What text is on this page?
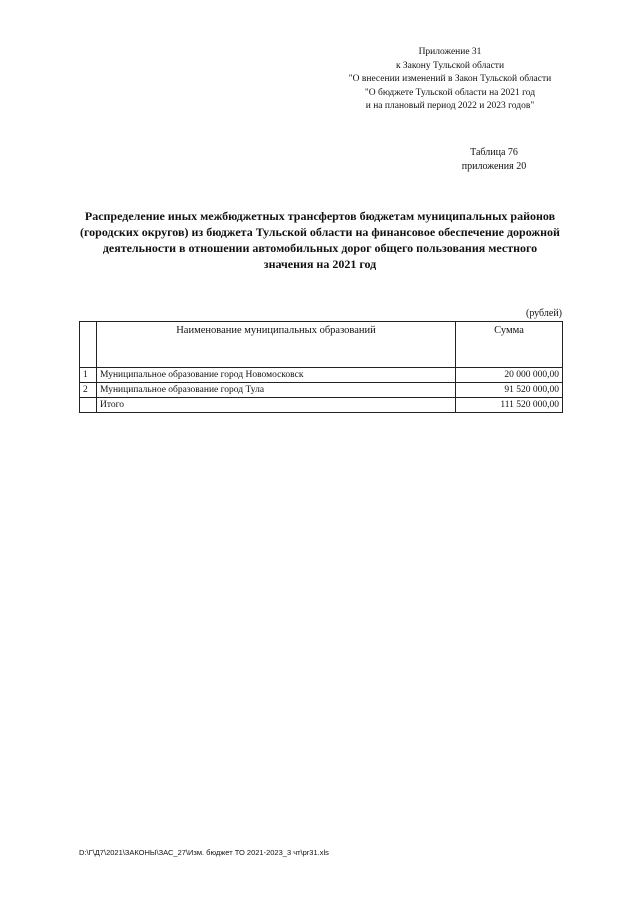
Приложение 31
к Закону Тульской области
"О внесении изменений в Закон Тульской области
"О бюджете Тульской области на 2021 год
и на плановый период 2022 и 2023 годов"
Таблица 76
приложения 20
Распределение иных межбюджетных трансфертов бюджетам муниципальных районов (городских округов) из бюджета Тульской области на финансовое обеспечение дорожной деятельности в отношении автомобильных дорог общего пользования местного значения на 2021 год
(рублей)
	Наименование муниципальных образований	Сумма
1	Муниципальное образование город Новомосковск	20 000 000,00
2	Муниципальное образование город Тула	91 520 000,00
	Итого	111 520 000,00
D:\Г\Д7\2021\ЗАКОНЫ\ЗАС_27\Изм. бюджет ТО 2021-2023_3 чт\pr31.xls
